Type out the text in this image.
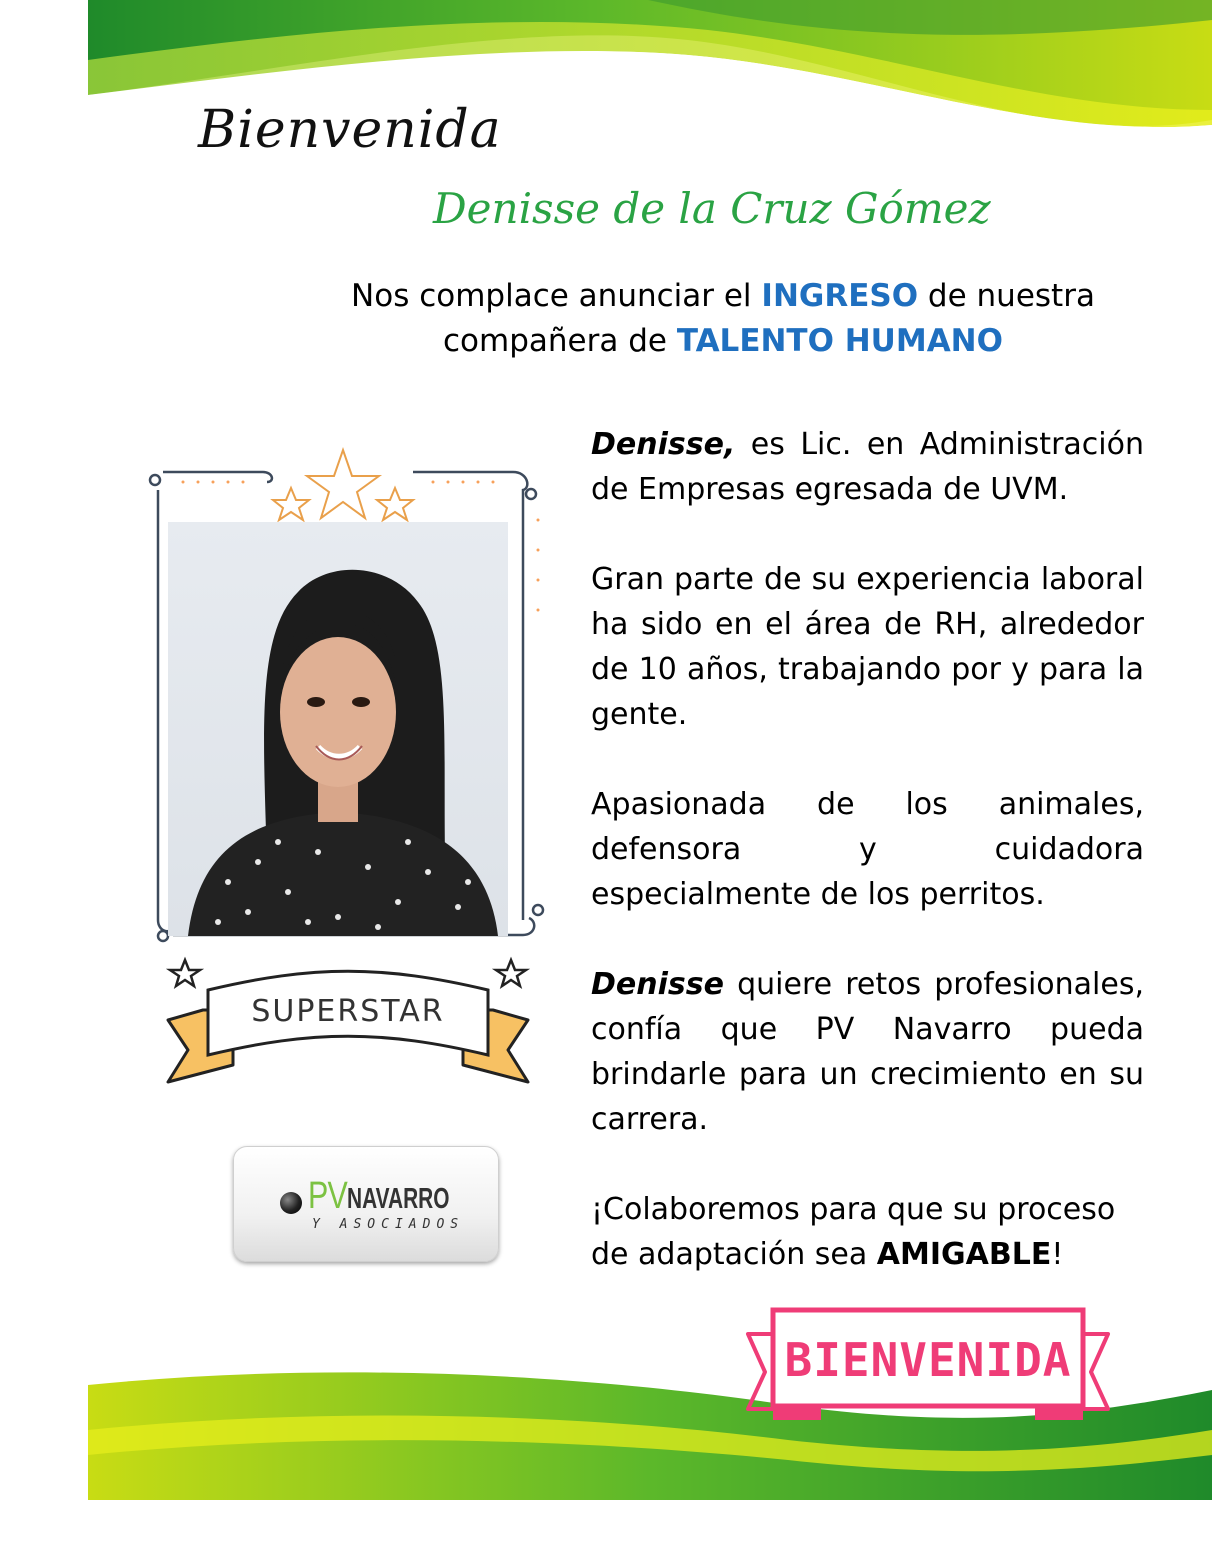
Bienvenida
Denisse de la Cruz Gómez
Nos complace anunciar el INGRESO de nuestra compañera de TALENTO HUMANO
SUPERSTAR
PV NAVARRO
Y ASOCIADOS

Denisse, es Lic. en Administración de Empresas egresada de UVM.

Gran parte de su experiencia laboral ha sido en el área de RH, alrededor de 10 años, trabajando por y para la gente.

Apasionada de los animales, defensora y cuidadora especialmente de los perritos.

Denisse quiere retos profesionales, confía que PV Navarro pueda brindarle para un crecimiento en su carrera.

¡Colaboremos para que su proceso de adaptación sea AMIGABLE!

BIENVENIDA
